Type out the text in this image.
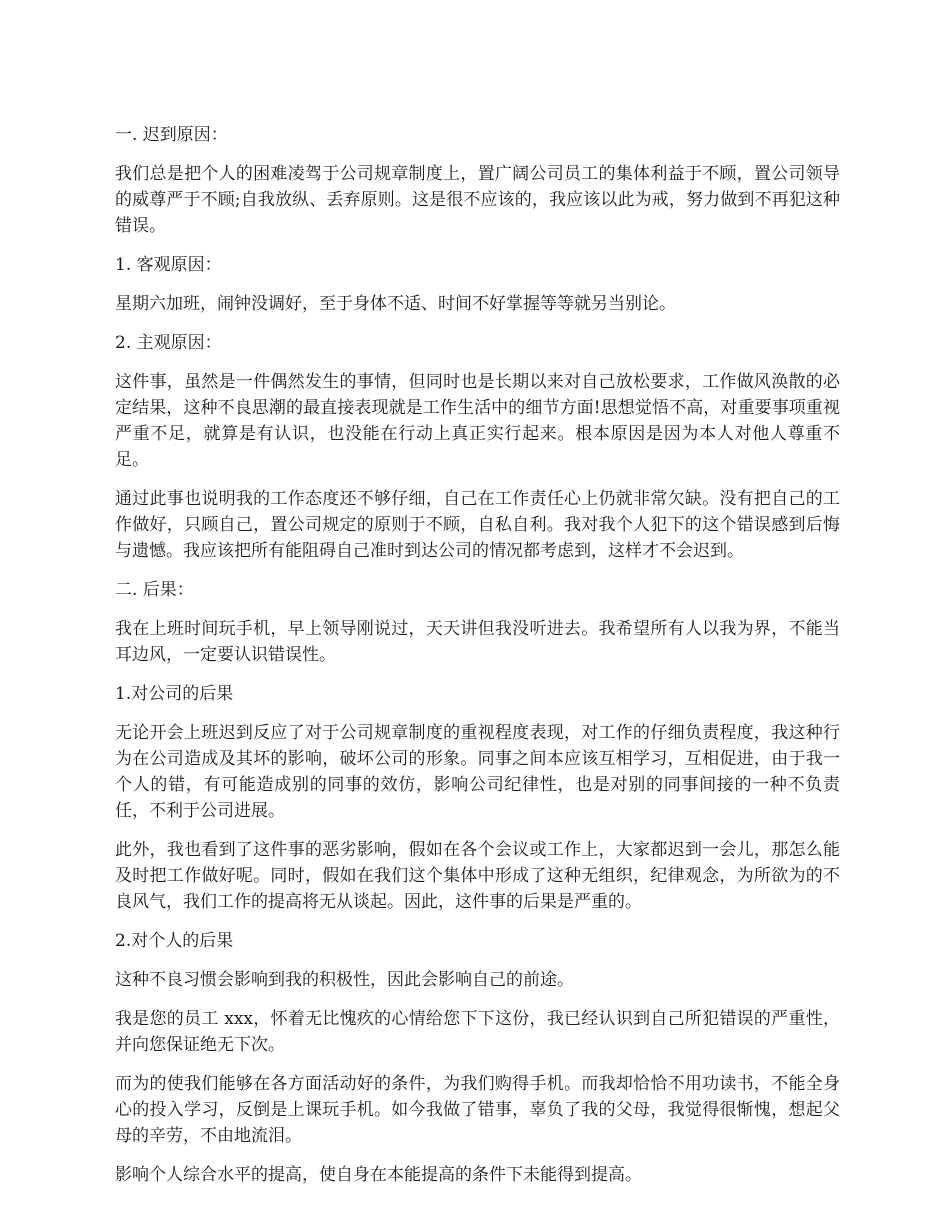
一. 迟到原因：

我们总是把个人的困难凌驾于公司规章制度上，置广阔公司员工的集体利益于不顾，置公司领导的威尊严于不顾;自我放纵、丢弃原则。这是很不应该的，我应该以此为戒，努力做到不再犯这种错误。

1. 客观原因：

星期六加班，闹钟没调好，至于身体不适、时间不好掌握等等就另当别论。

2. 主观原因：

这件事，虽然是一件偶然发生的事情，但同时也是长期以来对自己放松要求，工作做风涣散的必定结果，这种不良思潮的最直接表现就是工作生活中的细节方面!思想觉悟不高，对重要事项重视严重不足，就算是有认识，也没能在行动上真正实行起来。根本原因是因为本人对他人尊重不足。

通过此事也说明我的工作态度还不够仔细，自己在工作责任心上仍就非常欠缺。没有把自己的工作做好，只顾自己，置公司规定的原则于不顾，自私自利。我对我个人犯下的这个错误感到后悔与遗憾。我应该把所有能阻碍自己准时到达公司的情况都考虑到，这样才不会迟到。

二. 后果：

我在上班时间玩手机，早上领导刚说过，天天讲但我没听进去。我希望所有人以我为界，不能当耳边风，一定要认识错误性。

1.对公司的后果

无论开会上班迟到反应了对于公司规章制度的重视程度表现，对工作的仔细负责程度，我这种行为在公司造成及其坏的影响，破坏公司的形象。同事之间本应该互相学习，互相促进，由于我一个人的错，有可能造成别的同事的效仿，影响公司纪律性，也是对别的同事间接的一种不负责任，不利于公司进展。

此外，我也看到了这件事的恶劣影响，假如在各个会议或工作上，大家都迟到一会儿，那怎么能及时把工作做好呢。同时，假如在我们这个集体中形成了这种无组织，纪律观念，为所欲为的不良风气，我们工作的提高将无从谈起。因此，这件事的后果是严重的。

2.对个人的后果

这种不良习惯会影响到我的积极性，因此会影响自己的前途。

我是您的员工 xxx，怀着无比愧疚的心情给您下下这份，我已经认识到自己所犯错误的严重性，并向您保证绝无下次。

而为的使我们能够在各方面活动好的条件，为我们购得手机。而我却恰恰不用功读书，不能全身心的投入学习，反倒是上课玩手机。如今我做了错事，辜负了我的父母，我觉得很惭愧，想起父母的辛劳，不由地流泪。

影响个人综合水平的提高，使自身在本能提高的条件下未能得到提高。
